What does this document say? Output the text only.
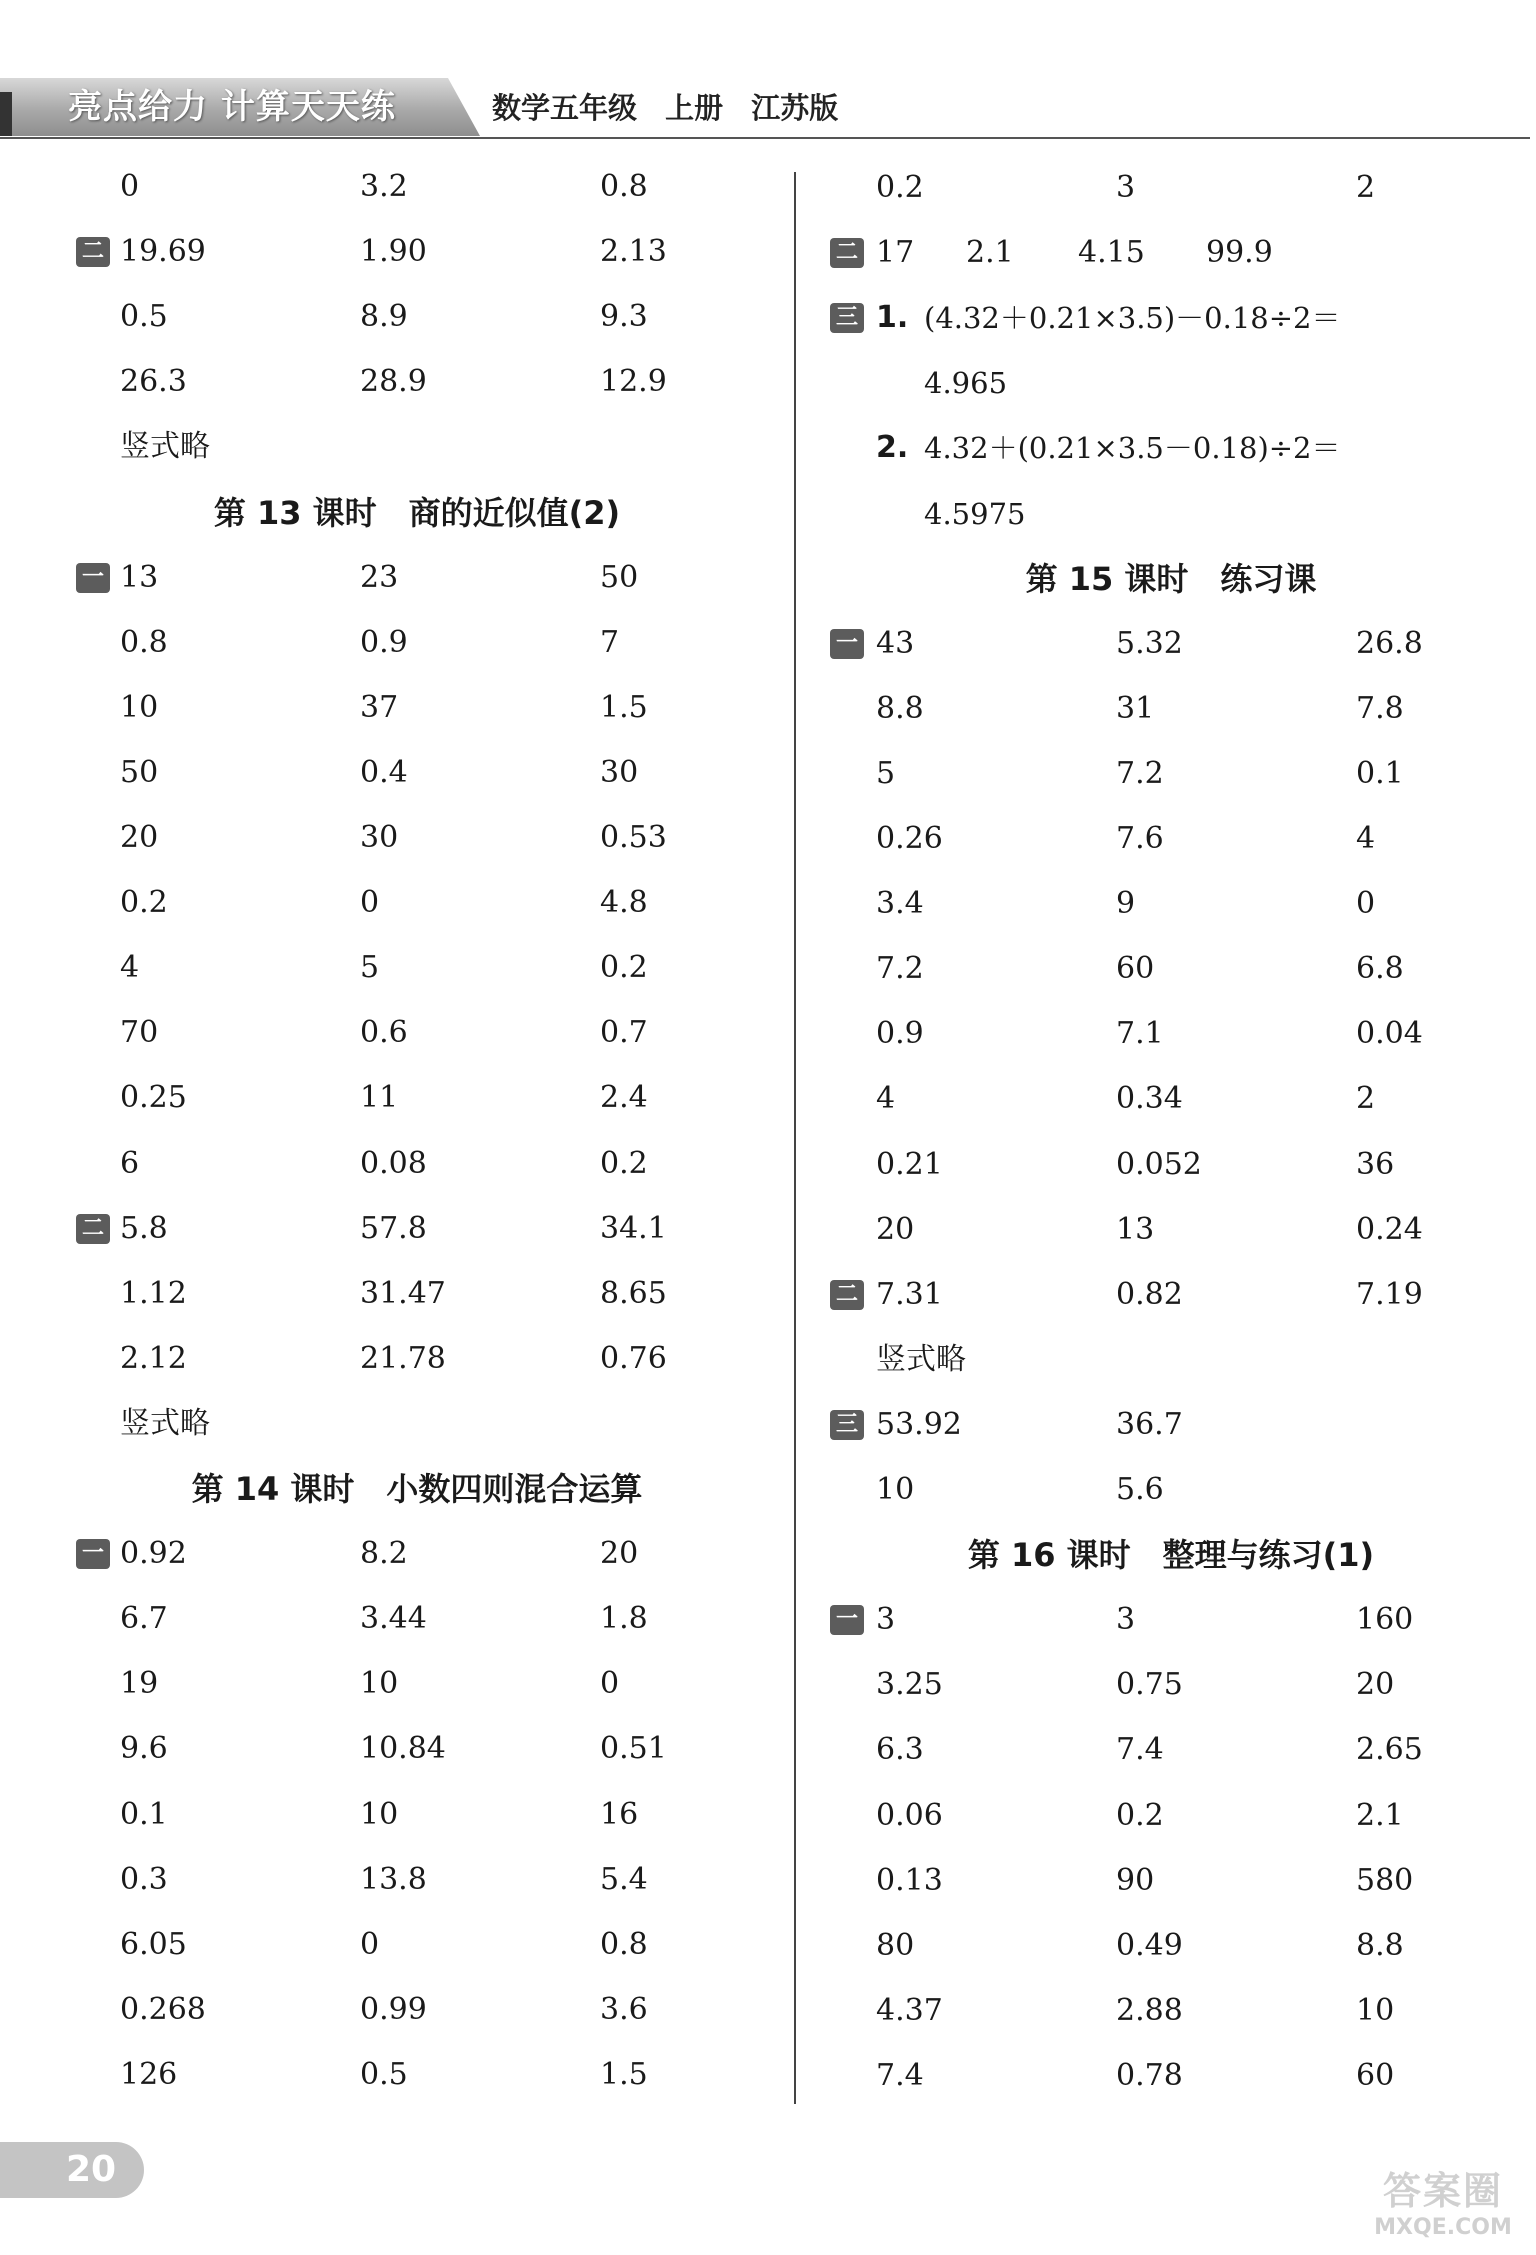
亮点给力 计算天天练	数学五年级 上册 江苏版
0	3.2	0.8
二 19.69	1.90	2.13
0.5	8.9	9.3
26.3	28.9	12.9
竖式略
第 13 课时　商的近似值(2)
一 13	23	50
0.8	0.9	7
10	37	1.5
50	0.4	30
20	30	0.53
0.2	0	4.8
4	5	0.2
70	0.6	0.7
0.25	11	2.4
6	0.08	0.2
二 5.8	57.8	34.1
1.12	31.47	8.65
2.12	21.78	0.76
竖式略
第 14 课时　小数四则混合运算
一 0.92	8.2	20
6.7	3.44	1.8
19	10	0
9.6	10.84	0.51
0.1	10	16
0.3	13.8	5.4
6.05	0	0.8
0.268	0.99	3.6
126	0.5	1.5
0.2	3	2
二 17 2.1 4.15 99.9
三 1. (4.32＋0.21×3.5)－0.18÷2＝
4.965
2. 4.32＋(0.21×3.5－0.18)÷2＝
4.5975
第 15 课时　练习课
一 43	5.32	26.8
8.8	31	7.8
5	7.2	0.1
0.26	7.6	4
3.4	9	0
7.2	60	6.8
0.9	7.1	0.04
4	0.34	2
0.21	0.052	36
20	13	0.24
二 7.31	0.82	7.19
竖式略
三 53.92	36.7
10	5.6
第 16 课时　整理与练习(1)
一 3	3	160
3.25	0.75	20
6.3	7.4	2.65
0.06	0.2	2.1
0.13	90	580
80	0.49	8.8
4.37	2.88	10
7.4	0.78	60
20	答案圈
MXQE.COM
